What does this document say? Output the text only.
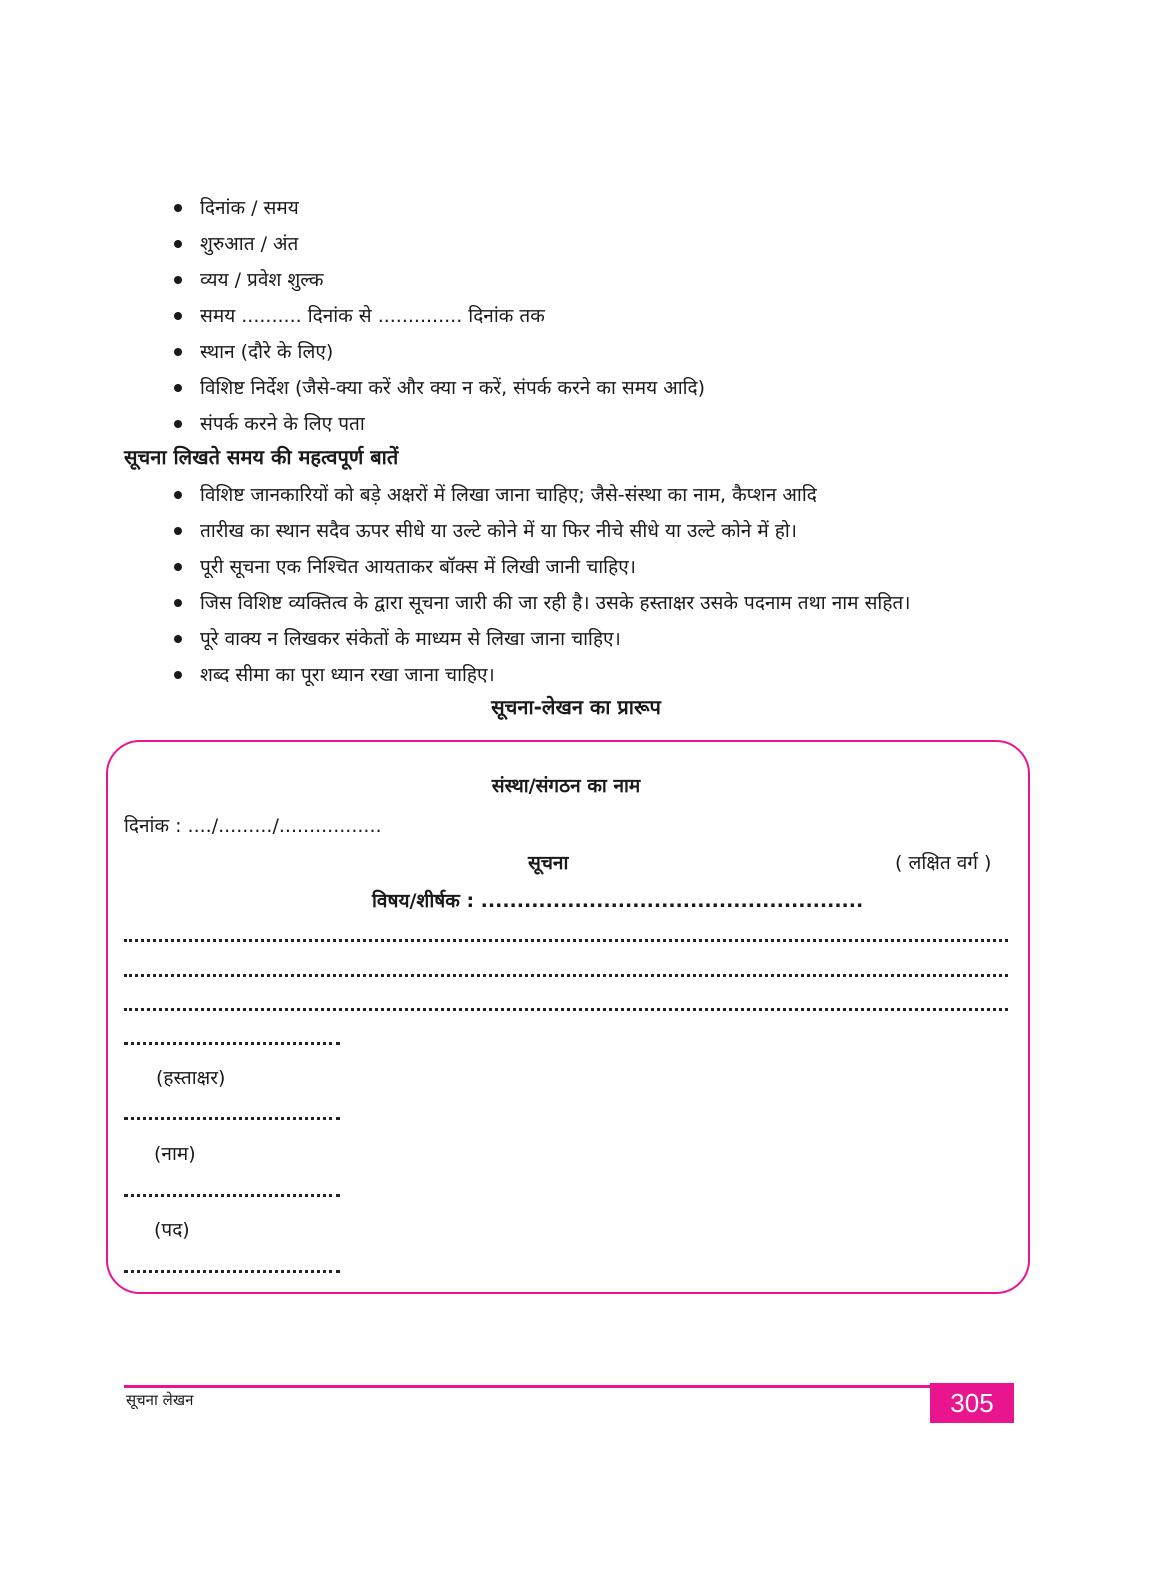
दिनांक / समय
शुरुआत / अंत
व्यय / प्रवेश शुल्क
समय .......... दिनांक से .............. दिनांक तक
स्थान (दौरे के लिए)
विशिष्ट निर्देश (जैसे-क्या करें और क्या न करें, संपर्क करने का समय आदि)
संपर्क करने के लिए पता
सूचना लिखते समय की महत्वपूर्ण बातें
विशिष्ट जानकारियों को बड़े अक्षरों में लिखा जाना चाहिए; जैसे-संस्था का नाम, कैप्शन आदि
तारीख का स्थान सदैव ऊपर सीधे या उल्टे कोने में या फिर नीचे सीधे या उल्टे कोने में हो।
पूरी सूचना एक निश्चित आयताकर बॉक्स में लिखी जानी चाहिए।
जिस विशिष्ट व्यक्तित्व के द्वारा सूचना जारी की जा रही है। उसके हस्ताक्षर उसके पदनाम तथा नाम सहित।
पूरे वाक्य न लिखकर संकेतों के माध्यम से लिखा जाना चाहिए।
शब्द सीमा का पूरा ध्यान रखा जाना चाहिए।
सूचना-लेखन का प्रारूप
संस्था/संगठन का नाम
दिनांक : ..../........./.................
सूचना	( लक्षित वर्ग )
विषय/शीर्षक : .....................................................
(हस्ताक्षर)
(नाम)
(पद)
सूचना लेखन	305
